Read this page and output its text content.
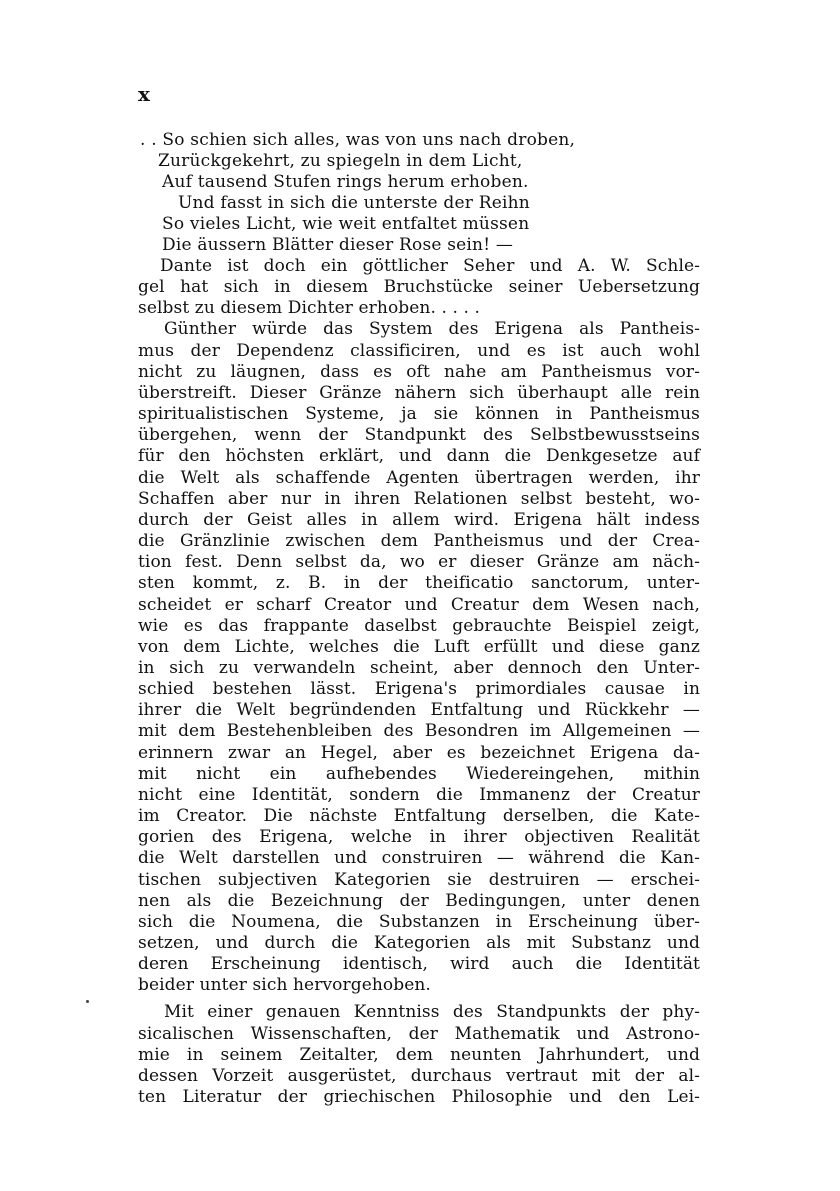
x
. . So schien sich alles, was von uns nach droben,
Zurückgekehrt, zu spiegeln in dem Licht,
Auf tausend Stufen rings herum erhoben.
Und fasst in sich die unterste der Reihn
So vieles Licht, wie weit entfaltet müssen
Die äussern Blätter dieser Rose sein! —
Dante ist doch ein göttlicher Seher und A. W. Schle-
gel hat sich in diesem Bruchstücke seiner Uebersetzung
selbst zu diesem Dichter erhoben. . . . .
Günther würde das System des Erigena als Pantheis-
mus der Dependenz classificiren, und es ist auch wohl
nicht zu läugnen, dass es oft nahe am Pantheismus vor-
überstreift. Dieser Gränze nähern sich überhaupt alle rein
spiritualistischen Systeme, ja sie können in Pantheismus
übergehen, wenn der Standpunkt des Selbstbewusstseins
für den höchsten erklärt, und dann die Denkgesetze auf
die Welt als schaffende Agenten übertragen werden, ihr
Schaffen aber nur in ihren Relationen selbst besteht, wo-
durch der Geist alles in allem wird. Erigena hält indess
die Gränzlinie zwischen dem Pantheismus und der Crea-
tion fest. Denn selbst da, wo er dieser Gränze am näch-
sten kommt, z. B. in der theificatio sanctorum, unter-
scheidet er scharf Creator und Creatur dem Wesen nach,
wie es das frappante daselbst gebrauchte Beispiel zeigt,
von dem Lichte, welches die Luft erfüllt und diese ganz
in sich zu verwandeln scheint, aber dennoch den Unter-
schied bestehen lässt. Erigena's primordiales causae in
ihrer die Welt begründenden Entfaltung und Rückkehr —
mit dem Bestehenbleiben des Besondren im Allgemeinen —
erinnern zwar an Hegel, aber es bezeichnet Erigena da-
mit nicht ein aufhebendes Wiedereingehen, mithin
nicht eine Identität, sondern die Immanenz der Creatur
im Creator. Die nächste Entfaltung derselben, die Kate-
gorien des Erigena, welche in ihrer objectiven Realität
die Welt darstellen und construiren — während die Kan-
tischen subjectiven Kategorien sie destruiren — erschei-
nen als die Bezeichnung der Bedingungen, unter denen
sich die Noumena, die Substanzen in Erscheinung über-
setzen, und durch die Kategorien als mit Substanz und
deren Erscheinung identisch, wird auch die Identität
beider unter sich hervorgehoben.
Mit einer genauen Kenntniss des Standpunkts der phy-
sicalischen Wissenschaften, der Mathematik und Astrono-
mie in seinem Zeitalter, dem neunten Jahrhundert, und
dessen Vorzeit ausgerüstet, durchaus vertraut mit der al-
ten Literatur der griechischen Philosophie und den Lei-
